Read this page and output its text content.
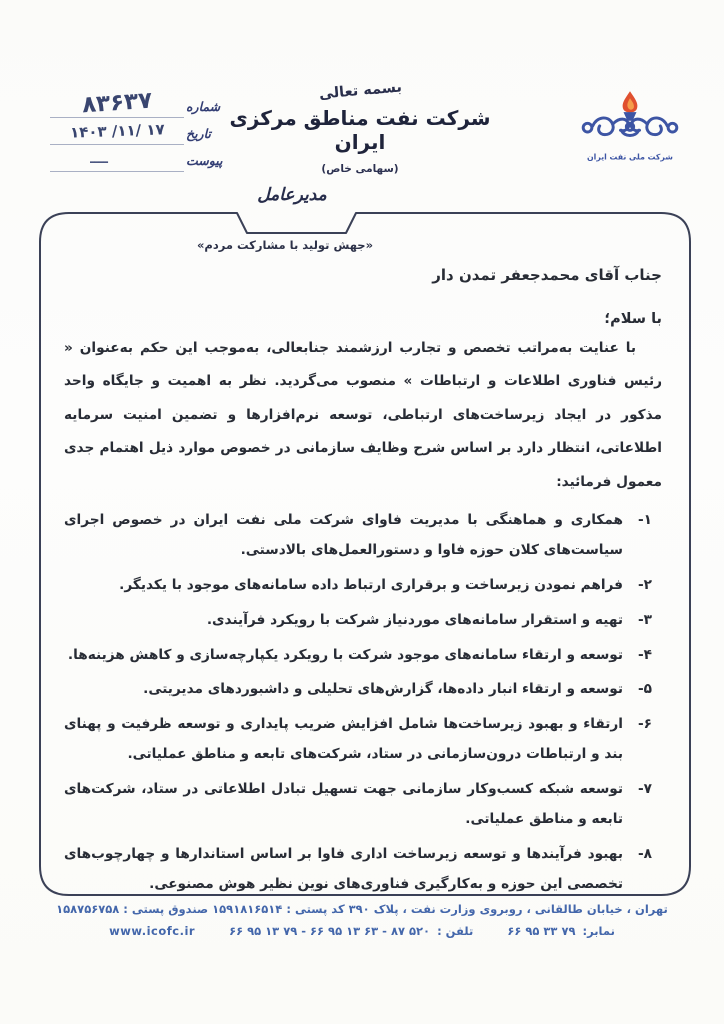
۸۳۶۳۷	شماره
۱۴۰۳ /۱۱/ ۱۷	تاریخ
ــــ	پیوست
بسمه تعالی
شرکت نفت مناطق مرکزی ایران
(سهامی خاص)
شرکت ملی نفت ایران
مدیرعامل
«جهش تولید با مشارکت مردم»
جناب آقای محمدجعفر تمدن دار
با سلام؛

با عنایت به‌مراتب تخصص و تجارب ارزشمند جنابعالی، به‌موجب این حکم به‌عنوان « رئیس فناوری اطلاعات و ارتباطات » منصوب می‌گردید. نظر به اهمیت و جایگاه واحد مذکور در ایجاد زیرساخت‌های ارتباطی، توسعه نرم‌افزارها و تضمین امنیت سرمایه اطلاعاتی، انتظار دارد بر اساس شرح وظایف سازمانی در خصوص موارد ذیل اهتمام جدی معمول فرمائید:

۱-
همکاری و هماهنگی با مدیریت فاوای شرکت ملی نفت ایران در خصوص اجرای سیاست‌های کلان حوزه فاوا و دستورالعمل‌های بالادستی.
۲-
فراهم نمودن زیرساخت و برقراری ارتباط داده سامانه‌های موجود با یکدیگر.
۳-
تهیه و استقرار سامانه‌های موردنیاز شرکت با رویکرد فرآیندی.
۴-
توسعه و ارتقاء سامانه‌های موجود شرکت با رویکرد یکپارچه‌سازی و کاهش هزینه‌ها.
۵-
توسعه و ارتقاء انبار داده‌ها، گزارش‌های تحلیلی و داشبوردهای مدیریتی.
۶-
ارتقاء و بهبود زیرساخت‌ها شامل افزایش ضریب پایداری و توسعه ظرفیت و پهنای بند و ارتباطات درون‌سازمانی در ستاد، شرکت‌های تابعه و مناطق عملیاتی.
۷-
توسعه شبکه کسب‌وکار سازمانی جهت تسهیل تبادل اطلاعاتی در ستاد، شرکت‌های تابعه و مناطق عملیاتی.
۸-
بهبود فرآیندها و توسعه زیرساخت اداری فاوا بر اساس استاندارها و چهارچوب‌های تخصصی این حوزه و به‌کارگیری فناوری‌های نوین نظیر هوش مصنوعی.
تهران ، خیابان طالقانی ، روبروی وزارت نفت ، پلاک ۳۹۰ کد پستی : ۱۵۹۱۸۱۶۵۱۴ صندوق پستی : ۱۵۸۷۵۶۷۵۸
www.icofc.ir	۶۶ ۹۵ ۱۳ ۷۹ - ۶۶ ۹۵ ۱۳ ۶۳ - ۸۷ ۵۲۰ تلفن :	۶۶ ۹۵ ۳۳ ۷۹ نمابر:
